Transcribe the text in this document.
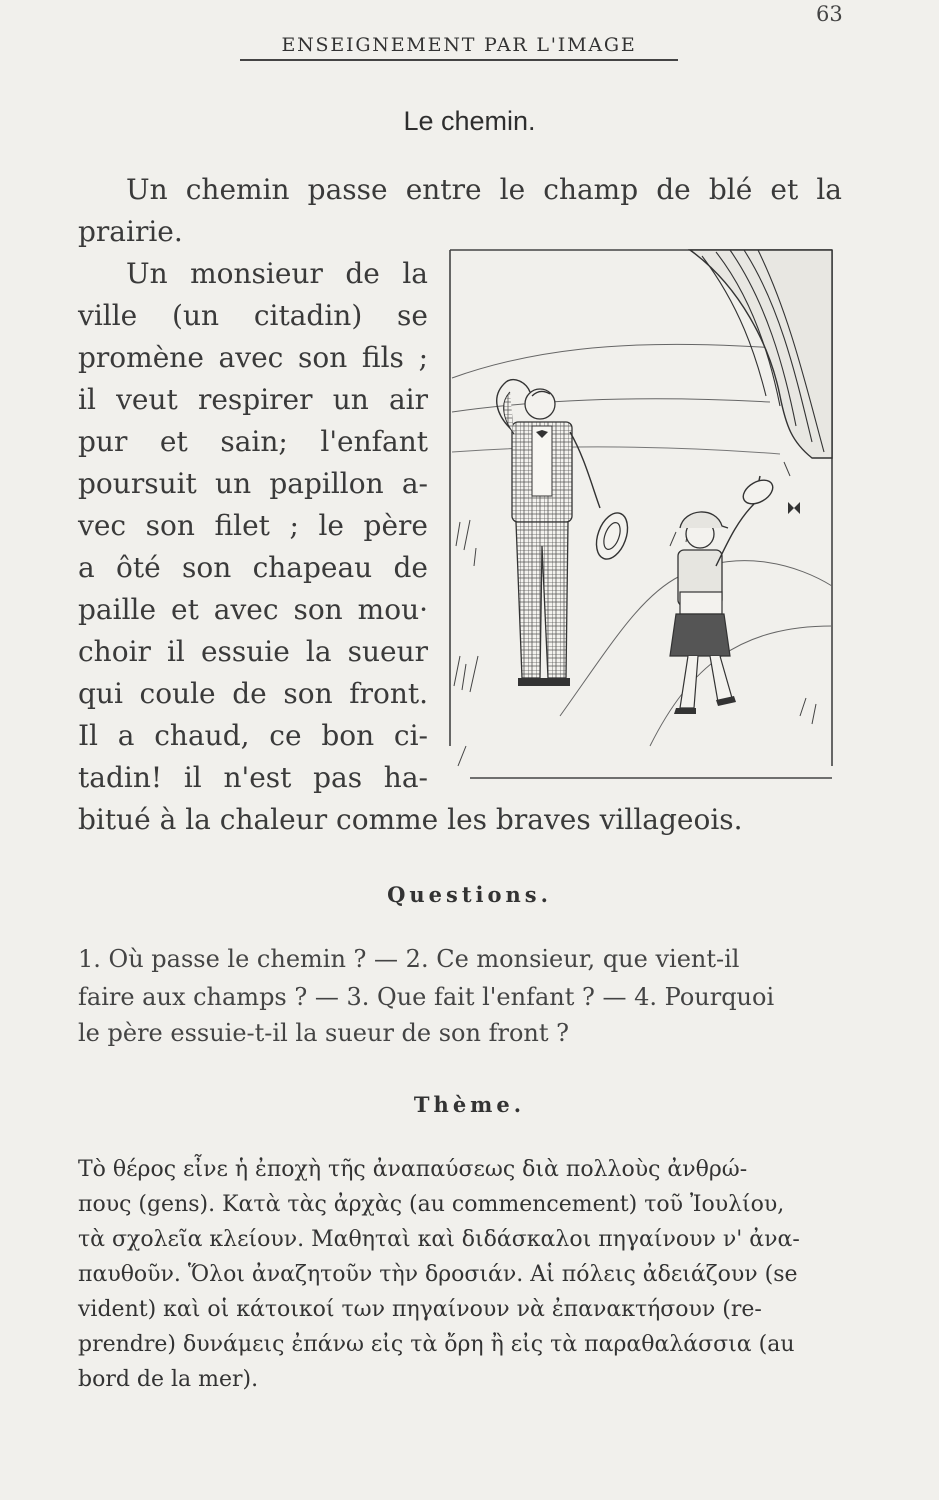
63
ENSEIGNEMENT PAR L'IMAGE
Le chemin.
Un chemin passe entre le champ de blé et la
prairie.
Un monsieur de la
ville (un citadin) se
promène avec son fils ;
il veut respirer un air
pur et sain; l'enfant
poursuit un papillon a-
vec son filet ; le père
a ôté son chapeau de
paille et avec son mou·
choir il essuie la sueur
qui coule de son front.
Il a chaud, ce bon ci-
tadin! il n'est pas ha-
bitué à la chaleur comme les braves villageois.
Questions.
1. Où passe le chemin ? — 2. Ce monsieur, que vient-il
faire aux champs ? — 3. Que fait l'enfant ? — 4. Pourquoi
le père essuie-t-il la sueur de son front ?
Thème.
Τὸ θέρος εἶνε ἡ ἐποχὴ τῆς ἀναπαύσεως διὰ πολλοὺς ἀνθρώ-
πους (gens). Κατὰ τὰς ἀρχὰς (au commencement) τοῦ Ἰουλίου,
τὰ σχολεῖα κλείουν. Μαθηταὶ καὶ διδάσκαλοι πηγαίνουν ν' ἀνα-
παυθοῦν. Ὅλοι ἀναζητοῦν τὴν δροσιάν. Αἱ πόλεις ἀδειάζουν (se
vident) καὶ οἱ κάτοικοί των πηγαίνουν νὰ ἐπανακτήσουν (re-
prendre) δυνάμεις ἐπάνω εἰς τὰ ὄρη ἢ εἰς τὰ παραθαλάσσια (au
bord de la mer).
